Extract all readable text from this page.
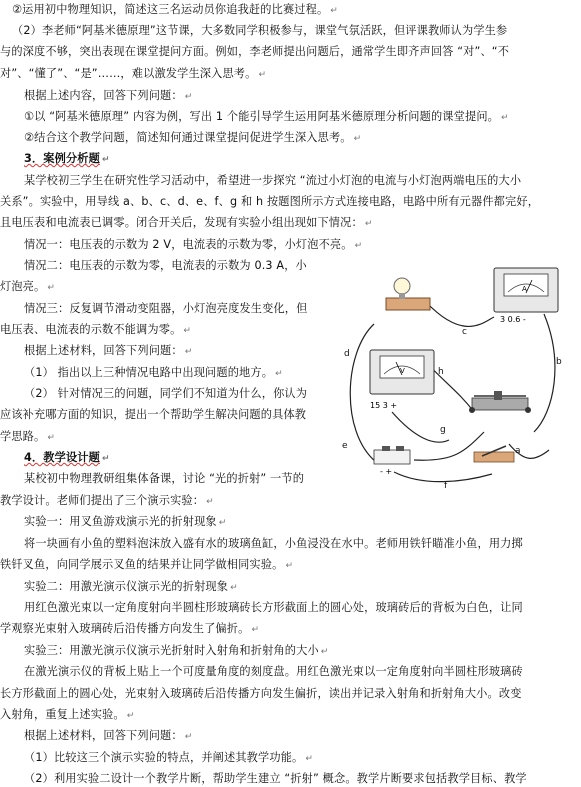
②运用初中物理知识，简述这三名运动员你追我赶的比赛过程。 ↵
（2）李老师“阿基米德原理”这节课，大多数同学积极参与，课堂气氛活跃，但评课教师认为学生参
与的深度不够，突出表现在课堂提问方面。例如，李老师提出问题后，通常学生即齐声回答 “对”、“不
对”、“懂了”、“是”……，难以激发学生深入思考。 ↵
根据上述内容，回答下列问题： ↵
①以 “阿基米德原理” 内容为例，写出 1 个能引导学生运用阿基米德原理分析问题的课堂提问。 ↵
②结合这个教学问题，简述知何通过课堂提问促进学生深入思考。 ↵
3．案例分析题 ↵
某学校初三学生在研究性学习活动中，希望进一步探究 “流过小灯泡的电流与小灯泡两端电压的大小
关系”。实验中，用导线 a、b、c、d、e、f、g 和 h 按题图所示方式连接电路，电路中所有元器件都完好，
且电压表和电流表已调零。闭合开关后，发现有实验小组出现如下情况： ↵
情况一：电压表的示数为 2 V，电流表的示数为零，小灯泡不亮。 ↵
情况二：电压表的示数为零，电流表的示数为 0.3 A，小
灯泡亮。 ↵
情况三：反复调节滑动变阻器，小灯泡亮度发生变化，但
电压表、电流表的示数不能调为零。 ↵
根据上述材料，回答下列问题： ↵
（1） 指出以上三种情况电路中出现问题的地方。 ↵
（2） 针对情况三的问题，同学们不知道为什么，你认为
应该补充哪方面的知识，提出一个帮助学生解决问题的具体教
学思路。 ↵
4．教学设计题 ↵
某校初中物理教研组集体备课，讨论 “光的折射” 一节的
教学设计。老师们提出了三个演示实验： ↵
实验一：用叉鱼游戏演示光的折射现象 ↵
将一块画有小鱼的塑料泡沫放入盛有水的玻璃鱼缸，小鱼浸没在水中。老师用铁钎瞄准小鱼，用力掷
铁钎叉鱼，向同学展示叉鱼的结果并让同学做相同实验。 ↵
实验二：用激光演示仪演示光的折射现象 ↵
用红色激光束以一定角度射向半圆柱形玻璃砖长方形截面上的圆心处，玻璃砖后的背板为白色，让同
学观察光束射入玻璃砖后沿传播方向发生了偏折。 ↵
实验三：用激光演示仪演示光折射时入射角和折射角的大小 ↵
在激光演示仪的背板上贴上一个可度量角度的刻度盘。用红色激光束以一定角度射向半圆柱形玻璃砖
长方形截面上的圆心处，光束射入玻璃砖后沿传播方向发生偏折，读出并记录入射角和折射角大小。改变
入射角，重复上述实验。 ↵
根据上述材料，回答下列问题： ↵
（1）比较这三个演示实验的特点，并阐述其教学功能。 ↵
（2）利用实验二设计一个教学片断，帮助学生建立 “折射” 概念。教学片断要求包括教学目标、教学
A
3 0.6 -
V
15 3 +
- +
a
b
c
d
e
f
g
h
